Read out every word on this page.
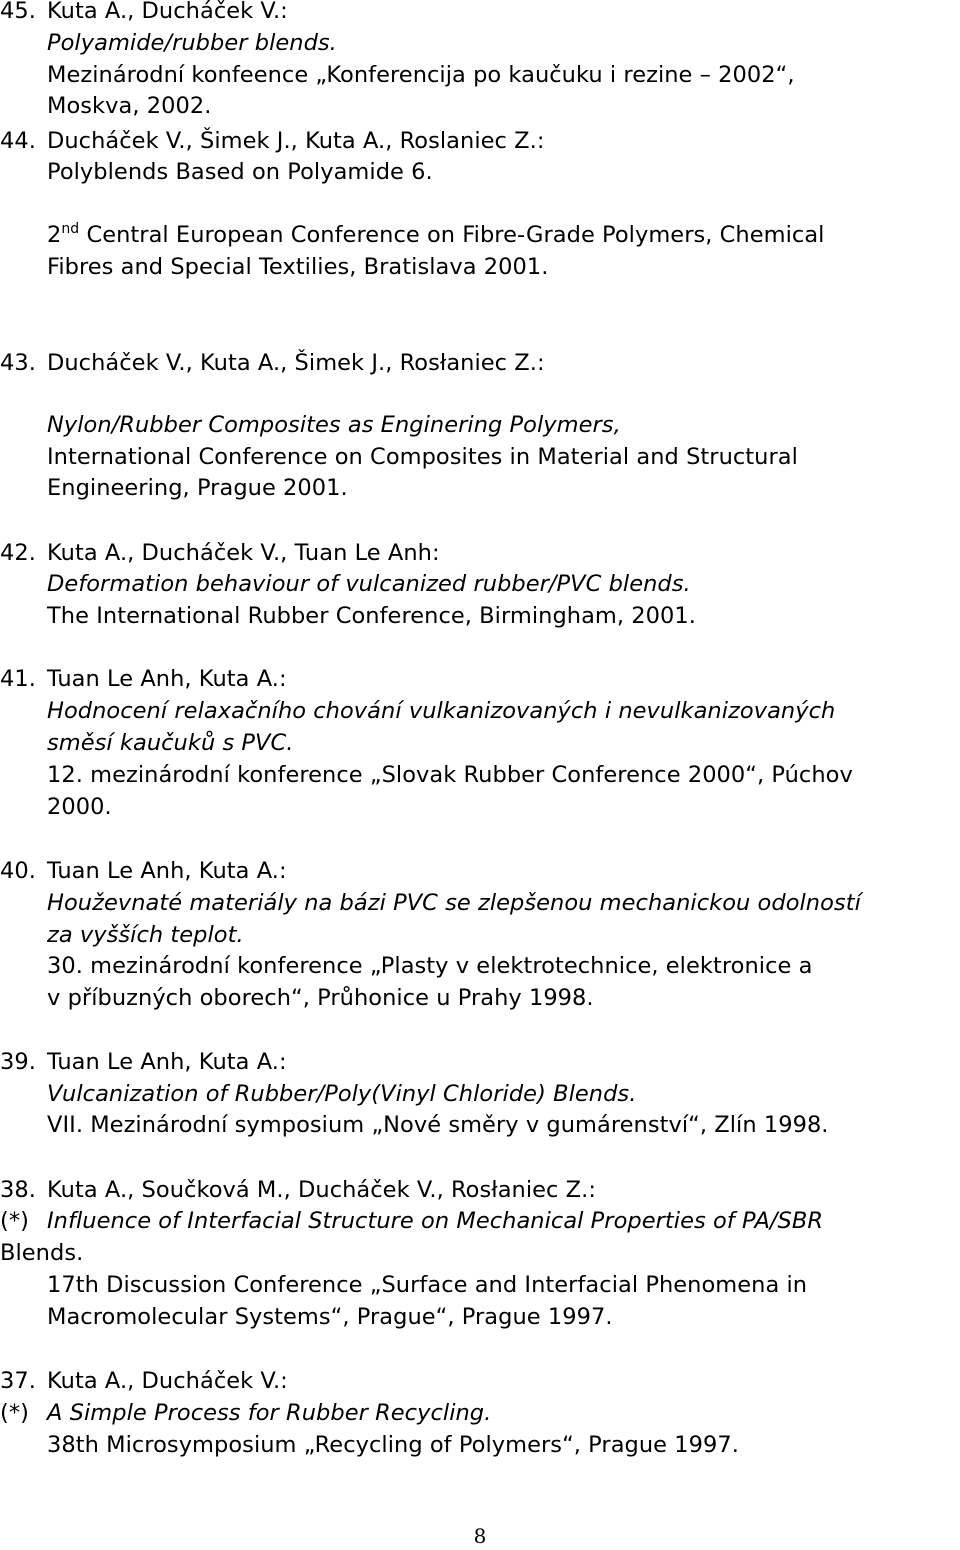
45. Kuta A., Ducháček V.:
Polyamide/rubber blends.
Mezinárodní konfeence „Konferencija po kaučuku i rezine – 2002“,
Moskva, 2002.
44. Ducháček V., Šimek J., Kuta A., Roslaniec Z.:
Polyblends Based on Polyamide 6.
2nd Central European Conference on Fibre-Grade Polymers, Chemical
Fibres and Special Textilies, Bratislava 2001.
43. Ducháček V., Kuta A., Šimek J., Rosłaniec Z.:
Nylon/Rubber Composites as Enginering Polymers,
International Conference on Composites in Material and Structural
Engineering, Prague 2001.
42. Kuta A., Ducháček V., Tuan Le Anh:
Deformation behaviour of vulcanized rubber/PVC blends.
The International Rubber Conference, Birmingham, 2001.
41. Tuan Le Anh, Kuta A.:
Hodnocení relaxačního chování vulkanizovaných i nevulkanizovaných
směsí kaučuků s PVC.
12. mezinárodní konference „Slovak Rubber Conference 2000“, Púchov
2000.
40. Tuan Le Anh, Kuta A.:
Houževnaté materiály na bázi PVC se zlepšenou mechanickou odolností
za vyšších teplot.
30. mezinárodní konference „Plasty v elektrotechnice, elektronice a
v příbuzných oborech“, Průhonice u Prahy 1998.
39. Tuan Le Anh, Kuta A.:
Vulcanization of Rubber/Poly(Vinyl Chloride) Blends.
VII. Mezinárodní symposium „Nové směry v gumárenství“, Zlín 1998.
38. Kuta A., Součková M., Ducháček V., Rosłaniec Z.:
(*) Influence of Interfacial Structure on Mechanical Properties of PA/SBR
Blends.
17th Discussion Conference „Surface and Interfacial Phenomena in
Macromolecular Systems“, Prague“, Prague 1997.
37. Kuta A., Ducháček V.:
(*) A Simple Process for Rubber Recycling.
38th Microsymposium „Recycling of Polymers“, Prague 1997.
8
